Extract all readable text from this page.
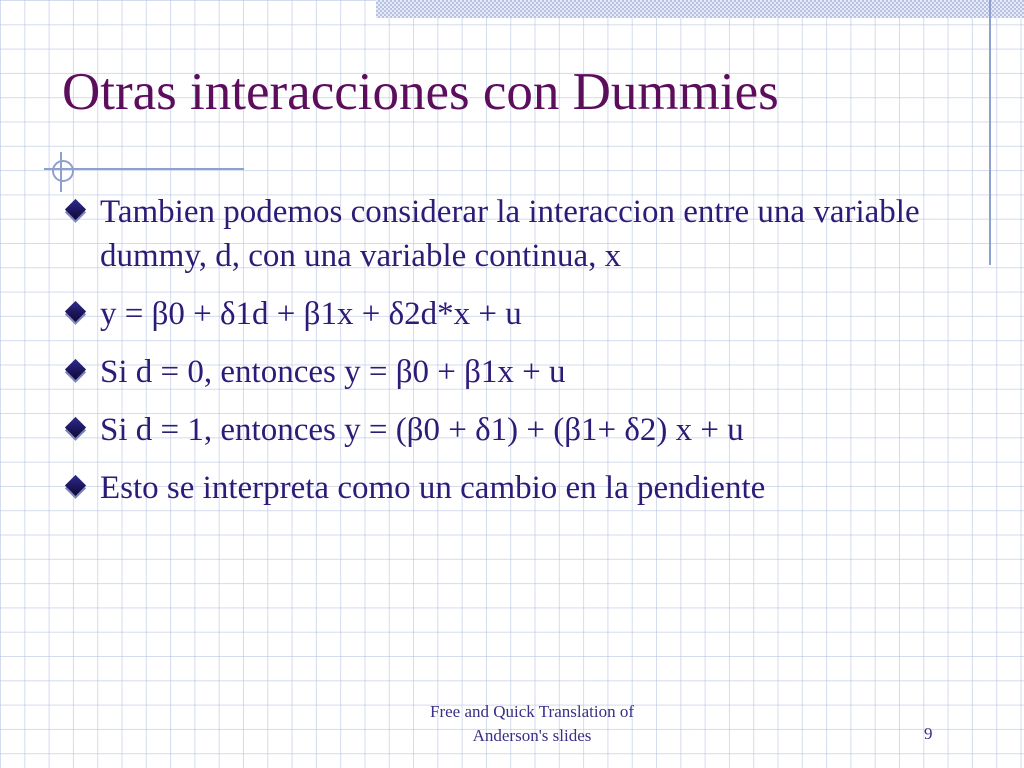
Otras interacciones con Dummies
Tambien podemos considerar la interaccion entre una variable dummy, d, con una variable continua, x
y = β0 + δ1d + β1x + δ2d*x + u
Si d = 0, entonces y = β0 + β1x + u
Si d = 1, entonces y = (β0 + δ1) + (β1+ δ2) x + u
Esto se interpreta como un cambio en la pendiente
Free and Quick Translation of
Anderson's slides	9
